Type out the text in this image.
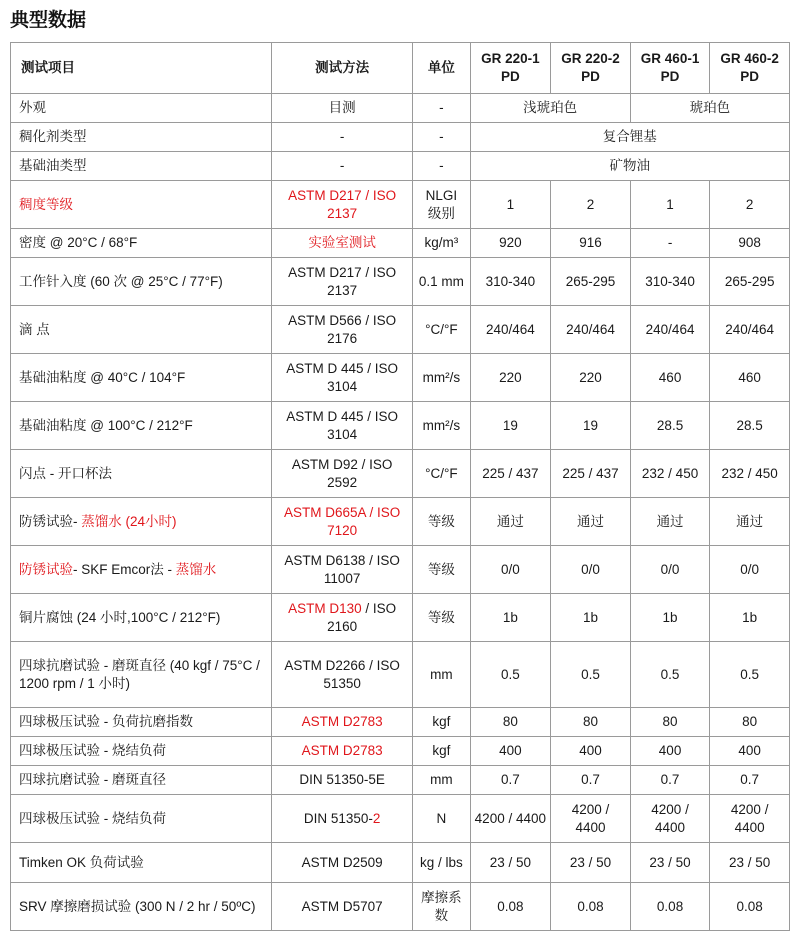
典型数据
测试项目	测试方法	单位	GR 220-1 PD	GR 220-2 PD	GR 460-1 PD	GR 460-2 PD
外观	目测	-	浅琥珀色		琥珀色	
稠化剂类型	-	-	复合锂基			
基础油类型	-	-	矿物油			
稠度等级	ASTM D217 / ISO 2137	NLGI 级别	1	2	1	2
密度 @ 20°C / 68°F	实验室测试	kg/m³	920	916	-	908
工作针入度 (60 次 @ 25°C / 77°F)	ASTM D217 / ISO 2137	0.1 mm	310-340	265-295	310-340	265-295
滴 点	ASTM D566 / ISO 2176	°C/°F	240/464	240/464	240/464	240/464
基础油粘度 @ 40°C / 104°F	ASTM D 445 / ISO 3104	mm²/s	220	220	460	460
基础油粘度 @ 100°C / 212°F	ASTM D 445 / ISO 3104	mm²/s	19	19	28.5	28.5
闪点 - 开口杯法	ASTM D92 / ISO 2592	°C/°F	225 / 437	225 / 437	232 / 450	232 / 450
防锈试验- 蒸馏水 (24小时)	ASTM D665A / ISO 7120	等级	通过	通过	通过	通过
防锈试验- SKF Emcor法 - 蒸馏水	ASTM D6138 / ISO 11007	等级	0/0	0/0	0/0	0/0
铜片腐蚀 (24 小时,100°C / 212°F)	ASTM D130 / ISO 2160	等级	1b	1b	1b	1b
四球抗磨试验 - 磨斑直径 (40 kgf / 75°C / 1200 rpm / 1 小时)	ASTM D2266 / ISO 51350	mm	0.5	0.5	0.5	0.5
四球极压试验 - 负荷抗磨指数	ASTM D2783	kgf	80	80	80	80
四球极压试验 - 烧结负荷	ASTM D2783	kgf	400	400	400	400
四球抗磨试验 - 磨斑直径	DIN 51350-5E	mm	0.7	0.7	0.7	0.7
四球极压试验 - 烧结负荷	DIN 51350-2	N	4200 / 4400	4200 / 4400	4200 / 4400	4200 / 4400
Timken OK 负荷试验	ASTM D2509	kg / lbs	23 / 50	23 / 50	23 / 50	23 / 50
SRV 摩擦磨损试验 (300 N / 2 hr / 50ºC)	ASTM D5707	摩擦系数	0.08	0.08	0.08	0.08
